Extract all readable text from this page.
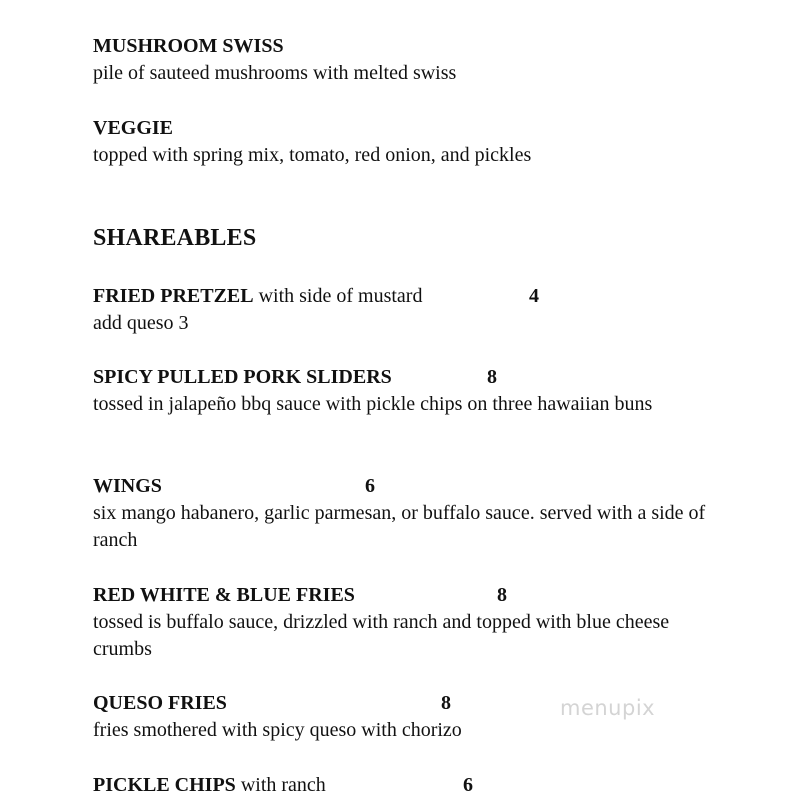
MUSHROOM SWISS
pile of sauteed mushrooms with melted swiss
VEGGIE
topped with spring mix, tomato, red onion, and pickles
SHAREABLES
FRIED PRETZEL with side of mustard	4
add queso 3
SPICY PULLED PORK SLIDERS	8
tossed in jalapeño bbq sauce with pickle chips on three hawaiian buns
WINGS	6
six mango habanero, garlic parmesan, or buffalo sauce. served with a side of ranch
RED WHITE & BLUE FRIES	8
tossed is buffalo sauce, drizzled with ranch and topped with blue cheese crumbs
QUESO FRIES	8
fries smothered with spicy queso with chorizo
PICKLE CHIPS with ranch	6
menupix
